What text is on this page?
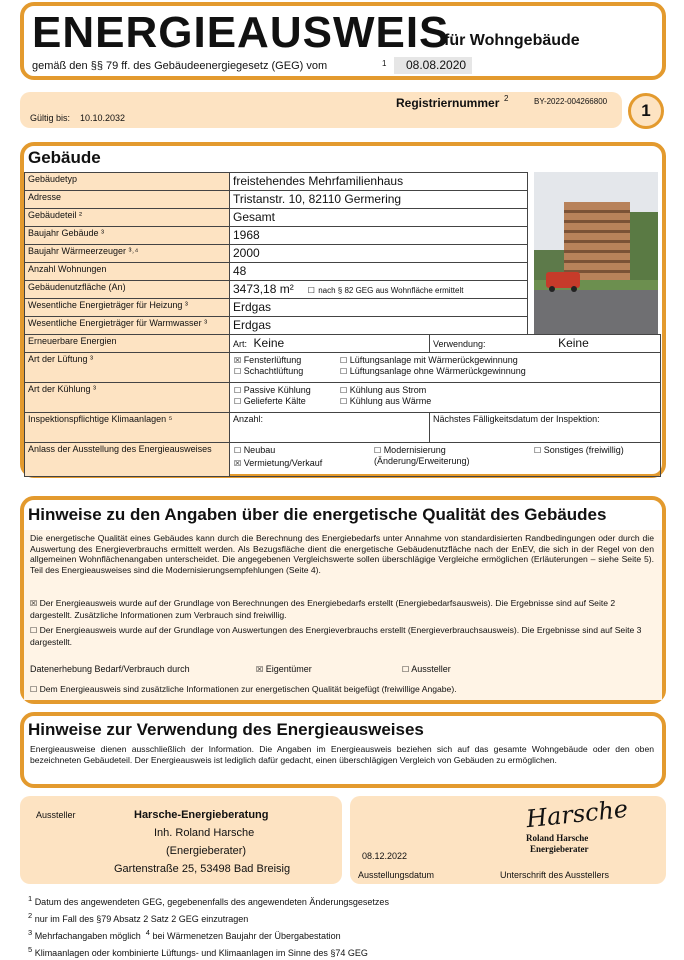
ENERGIEAUSWEIS
für Wohngebäude
gemäß den §§ 79 ff. des Gebäudeenergiegesetz (GEG) vom	1	08.08.2020
Registriernummer 2	BY-2022-004266800
Gültig bis: 10.10.2032	1
Gebäude
Gebäudetyp	freistehendes Mehrfamilienhaus
Adresse	Tristanstr. 10, 82110 Germering
Gebäudeteil ²	Gesamt
Baujahr Gebäude ³	1968
Baujahr Wärmeerzeuger ³˒⁴	2000
Anzahl Wohnungen	48
Gebäudenutzfläche (An)	3473,18 m² ☐ nach § 82 GEG aus Wohnfläche ermittelt
Wesentliche Energieträger für Heizung ³	Erdgas
Wesentliche Energieträger für Warmwasser ³	Erdgas
Erneuerbare Energien	Art: Keine	Verwendung: Keine
Art der Lüftung ³	☒ Fensterlüftung ☐ Lüftungsanlage mit Wärmerückgewinnung
☐ Schachtlüftung ☐ Lüftungsanlage ohne Wärmerückgewinnung	

Art der Kühlung ³	☐ Passive Kühlung ☐ Kühlung aus Strom
☐ Gelieferte Kälte ☐ Kühlung aus Wärme	

Inspektionspflichtige Klimaanlagen ⁵	Anzahl:	Nächstes Fälligkeitsdatum der Inspektion:
Anlass der Ausstellung des Energieausweises	☐ Neubau ☐ Modernisierung (Änderung/Erweiterung)
☐ Sonstiges (freiwillig)
☒ Vermietung/Verkauf	
Hinweise zu den Angaben über die energetische Qualität des Gebäudes
Die energetische Qualität eines Gebäudes kann durch die Berechnung des Energiebedarfs unter Annahme von standardisierten Randbedingungen oder durch die Auswertung des Energieverbrauchs ermittelt werden. Als Bezugsfläche dient die energetische Gebäudenutzfläche nach der EnEV, die sich in der Regel von den allgemeinen Wohnflächenangaben unterscheidet. Die angegebenen Vergleichswerte sollen überschlägige Vergleiche ermöglichen (Erläuterungen – siehe Seite 5). Teil des Energieausweises sind die Modernisierungsempfehlungen (Seite 4).
☒ Der Energieausweis wurde auf der Grundlage von Berechnungen des Energiebedarfs erstellt (Energiebedarfsausweis). Die Ergebnisse sind auf Seite 2 dargestellt. Zusätzliche Informationen zum Verbrauch sind freiwillig.
☐ Der Energieausweis wurde auf der Grundlage von Auswertungen des Energieverbrauchs erstellt (Energieverbrauchsausweis). Die Ergebnisse sind auf Seite 3 dargestellt.
Datenerhebung Bedarf/Verbrauch durch	☒ Eigentümer	☐ Aussteller
☐ Dem Energieausweis sind zusätzliche Informationen zur energetischen Qualität beigefügt (freiwillige Angabe).
Hinweise zur Verwendung des Energieausweises
Energieausweise dienen ausschließlich der Information. Die Angaben im Energieausweis beziehen sich auf das gesamte Wohngebäude oder den oben bezeichneten Gebäudeteil. Der Energieausweis ist lediglich dafür gedacht, einen überschlägigen Vergleich von Gebäuden zu ermöglichen.
Aussteller	Harsche-Energieberatung
Inh. Roland Harsche
(Energieberater)
Gartenstraße 25, 53498 Bad Breisig
08.12.2022
Ausstellungsdatum	Unterschrift des Ausstellers
Harsche
Roland Harsche
Energieberater
$^1$ Datum des angewendeten GEG, gegebenenfalls des angewendeten Änderungsgesetzes
$^2$ nur im Fall des §79 Absatz 2 Satz 2 GEG einzutragen
$^3$ Mehrfachangaben möglich $^4$ bei Wärmenetzen Baujahr der Übergabestation
$^5$ Klimaanlagen oder kombinierte Lüftungs- und Klimaanlagen im Sinne des §74 GEG
